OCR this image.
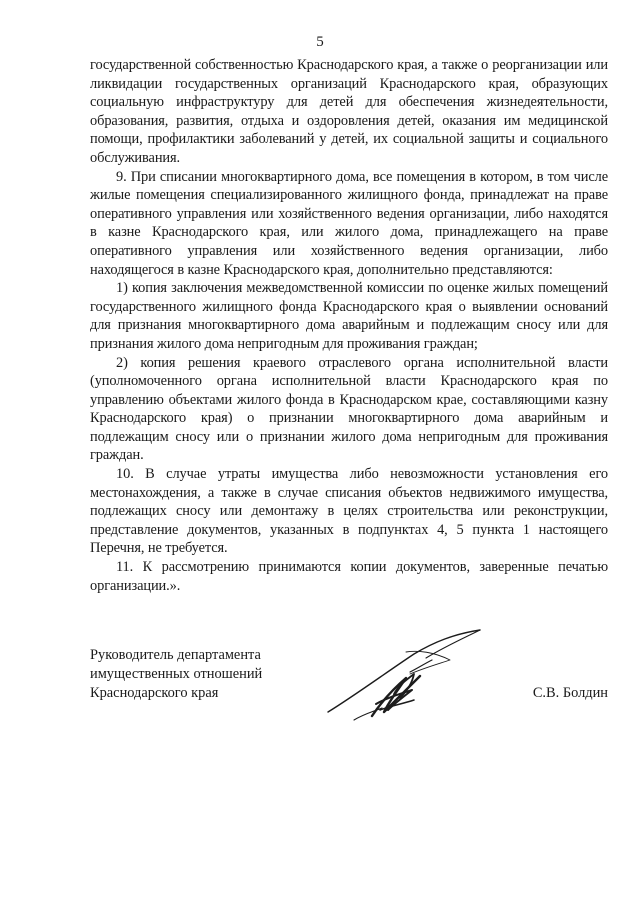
5

государственной собственностью Краснодарского края, а также о реорганизации или ликвидации государственных организаций Краснодарского края, образующих социальную инфраструктуру для детей для обеспечения жизнедеятельности, образования, развития, отдыха и оздоровления детей, оказания им медицинской помощи, профилактики заболеваний у детей, их социальной защиты и социального обслуживания.

9. При списании многоквартирного дома, все помещения в котором, в том числе жилые помещения специализированного жилищного фонда, принадлежат на праве оперативного управления или хозяйственного ведения организации, либо находятся в казне Краснодарского края, или жилого дома, принадлежащего на праве оперативного управления или хозяйственного ведения организации, либо находящегося в казне Краснодарского края, дополнительно представляются:

1) копия заключения межведомственной комиссии по оценке жилых помещений государственного жилищного фонда Краснодарского края о выявлении оснований для признания многоквартирного дома аварийным и подлежащим сносу или для признания жилого дома непригодным для проживания граждан;

2) копия решения краевого отраслевого органа исполнительной власти (уполномоченного органа исполнительной власти Краснодарского края по управлению объектами жилого фонда в Краснодарском крае, составляющими казну Краснодарского края) о признании многоквартирного дома аварийным и подлежащим сносу или о признании жилого дома непригодным для проживания граждан.

10. В случае утраты имущества либо невозможности установления его местонахождения, а также в случае списания объектов недвижимого имущества, подлежащих сносу или демонтажу в целях строительства или реконструкции, представление документов, указанных в подпунктах 4, 5 пункта 1 настоящего Перечня, не требуется.

11. К рассмотрению принимаются копии документов, заверенные печатью организации.».

Руководитель департамента
имущественных отношений
Краснодарского края	С.В. Болдин
